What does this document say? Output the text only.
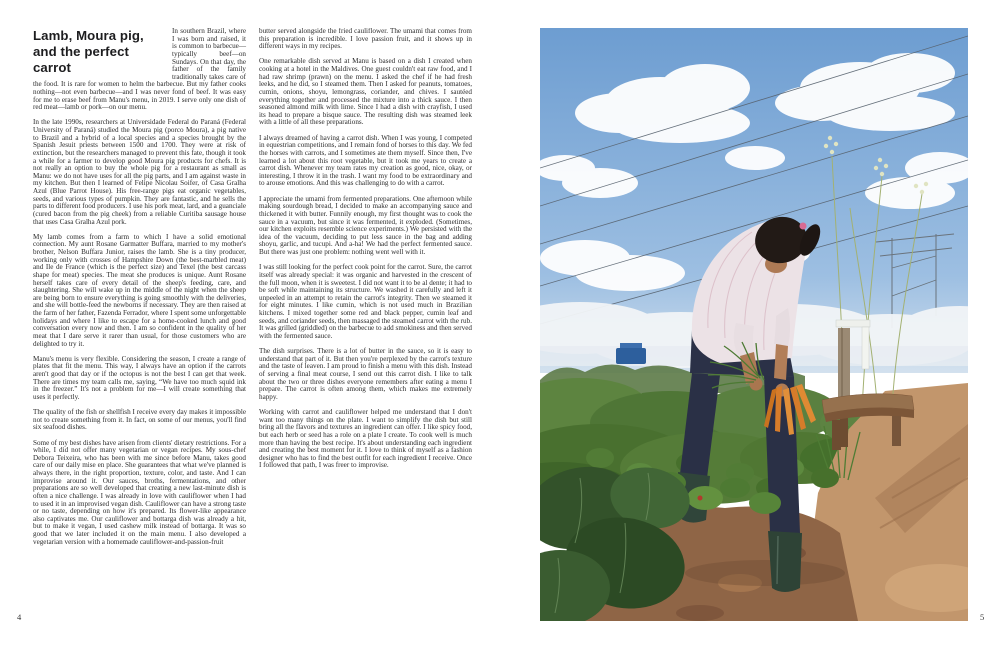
Lamb, Moura pig, and the perfect carrot

In southern Brazil, where I was born and raised, it is common to barbecue—typically beef—on Sundays. On that day, the father of the family traditionally takes care of the food. It is rare for women to helm the barbecue. But my father cooks nothing—not even barbecue—and I was never fond of beef. It was easy for me to erase beef from Manu's menu, in 2019. I serve only one dish of red meat—lamb or pork—on our menu.

In the late 1990s, researchers at Universidade Federal do Paraná (Federal University of Paraná) studied the Moura pig (porco Moura), a pig native to Brazil and a hybrid of a local species and a species brought by the Spanish Jesuit priests between 1500 and 1700. They were at risk of extinction, but the researchers managed to prevent this fate, though it took a while for a farmer to develop good Moura pig products for chefs. It is not really an option to buy the whole pig for a restaurant as small as Manu: we do not have uses for all the pig parts, and I am against waste in my kitchen. But then I learned of Felipe Nicolau Soifer, of Casa Gralha Azul (Blue Parrot House). His free-range pigs eat organic vegetables, seeds, and various types of pumpkin. They are fantastic, and he sells the parts to different food producers. I use his pork meat, lard, and a guanciale (cured bacon from the pig cheek) from a reliable Curitiba sausage house that uses Casa Gralha Azul pork.

My lamb comes from a farm to which I have a solid emotional connection. My aunt Rosane Garmatter Buffara, married to my mother's brother, Nelson Buffara Junior, raises the lamb. She is a tiny producer, working only with crosses of Hampshire Down (the best-marbled meat) and Ile de France (which is the perfect size) and Texel (the best carcass shape for meat) species. The meat she produces is unique. Aunt Rosane herself takes care of every detail of the sheep's feeding, care, and slaughtering. She will wake up in the middle of the night when the sheep are being born to ensure everything is going smoothly with the deliveries, and she will bottle-feed the newborns if necessary. They are then raised at the farm of her father, Fazenda Ferrador, where I spent some unforgettable holidays and where I like to escape for a home-cooked lunch and good conversation every now and then. I am so confident in the quality of her meat that I dare serve it rarer than usual, for those customers who are delighted to try it.

Manu's menu is very flexible. Considering the season, I create a range of plates that fit the menu. This way, I always have an option if the carrots aren't good that day or if the octopus is not the best I can get that week. There are times my team calls me, saying, “We have too much squid ink in the freezer.” It's not a problem for me—I will create something that uses it perfectly.

The quality of the fish or shellfish I receive every day makes it impossible not to create something from it. In fact, on some of our menus, you'll find six seafood dishes.

Some of my best dishes have arisen from clients' dietary restrictions. For a while, I did not offer many vegetarian or vegan recipes. My sous-chef Debora Teixeira, who has been with me since before Manu, takes good care of our daily mise en place. She guarantees that what we've planned is always there, in the right proportion, texture, color, and taste. And I can improvise around it. Our sauces, broths, fermentations, and other preparations are so well developed that creating a new last-minute dish is often a nice challenge. I was already in love with cauliflower when I had to used it in an improvised vegan dish. Cauliflower can have a strong taste or no taste, depending on how it's prepared. Its flower-like appearance also captivates me. Our cauliflower and bottarga dish was already a hit, but to make it vegan, I used cashew milk instead of bottarga. It was so good that we later included it on the main menu. I also developed a vegetarian version with a homemade cauliflower-and-passion-fruit

butter served alongside the fried cauliflower. The umami that comes from this preparation is incredible. I love passion fruit, and it shows up in different ways in my recipes.

One remarkable dish served at Manu is based on a dish I created when cooking at a hotel in the Maldives. One guest couldn't eat raw food, and I had raw shrimp (prawn) on the menu. I asked the chef if he had fresh leeks, and he did, so I steamed them. Then I asked for peanuts, tomatoes, cumin, onions, shoyu, lemongrass, coriander, and chives. I sautéed everything together and processed the mixture into a thick sauce. I then seasoned almond milk with lime. Since I had a dish with crayfish, I used its head to prepare a bisque sauce. The resulting dish was steamed leek with a little of all these preparations.

I always dreamed of having a carrot dish. When I was young, I competed in equestrian competitions, and I remain fond of horses to this day. We fed the horses with carrots, and I sometimes ate them myself. Since then, I've learned a lot about this root vegetable, but it took me years to create a carrot dish. Whenever my team rates my creation as good, nice, okay, or interesting, I throw it in the trash. I want my food to be extraordinary and to arouse emotions. And this was challenging to do with a carrot.

I appreciate the umami from fermented preparations. One afternoon while making sourdough bread, I decided to make an accompanying sauce and thickened it with butter. Funnily enough, my first thought was to cook the sauce in a vacuum, but since it was fermented, it exploded. (Sometimes, our kitchen exploits resemble science experiments.) We persisted with the idea of the vacuum, deciding to put less sauce in the bag and adding shoyu, garlic, and tucupi. And a-ha! We had the perfect fermented sauce. But there was just one problem: nothing went well with it.

I was still looking for the perfect cook point for the carrot. Sure, the carrot itself was already special: it was organic and harvested in the crescent of the full moon, when it is sweetest. I did not want it to be al dente; it had to be soft while maintaining its structure. We washed it carefully and left it unpeeled in an attempt to retain the carrot's integrity. Then we steamed it for eight minutes. I like cumin, which is not used much in Brazilian kitchens. I mixed together some red and black pepper, cumin leaf and seeds, and coriander seeds, then massaged the steamed carrot with the rub. It was grilled (griddled) on the barbecue to add smokiness and then served with the fermented sauce.

The dish surprises. There is a lot of butter in the sauce, so it is easy to understand that part of it. But then you're perplexed by the carrot's texture and the taste of leaven. I am proud to finish a menu with this dish. Instead of serving a final meat course, I send out this carrot dish. I like to talk about the two or three dishes everyone remembers after eating a menu I prepare. The carrot is often among them, which makes me extremely happy.

Working with carrot and cauliflower helped me understand that I don't want too many things on the plate. I want to simplify the dish but still bring all the flavors and textures an ingredient can offer. I like spicy food, but each herb or seed has a role on a plate I create. To cook well is much more than having the best recipe. It's about understanding each ingredient and creating the best moment for it. I love to think of myself as a fashion designer who has to find the best outfit for each ingredient I receive. Once I followed that path, I was freer to improvise.

4	5
